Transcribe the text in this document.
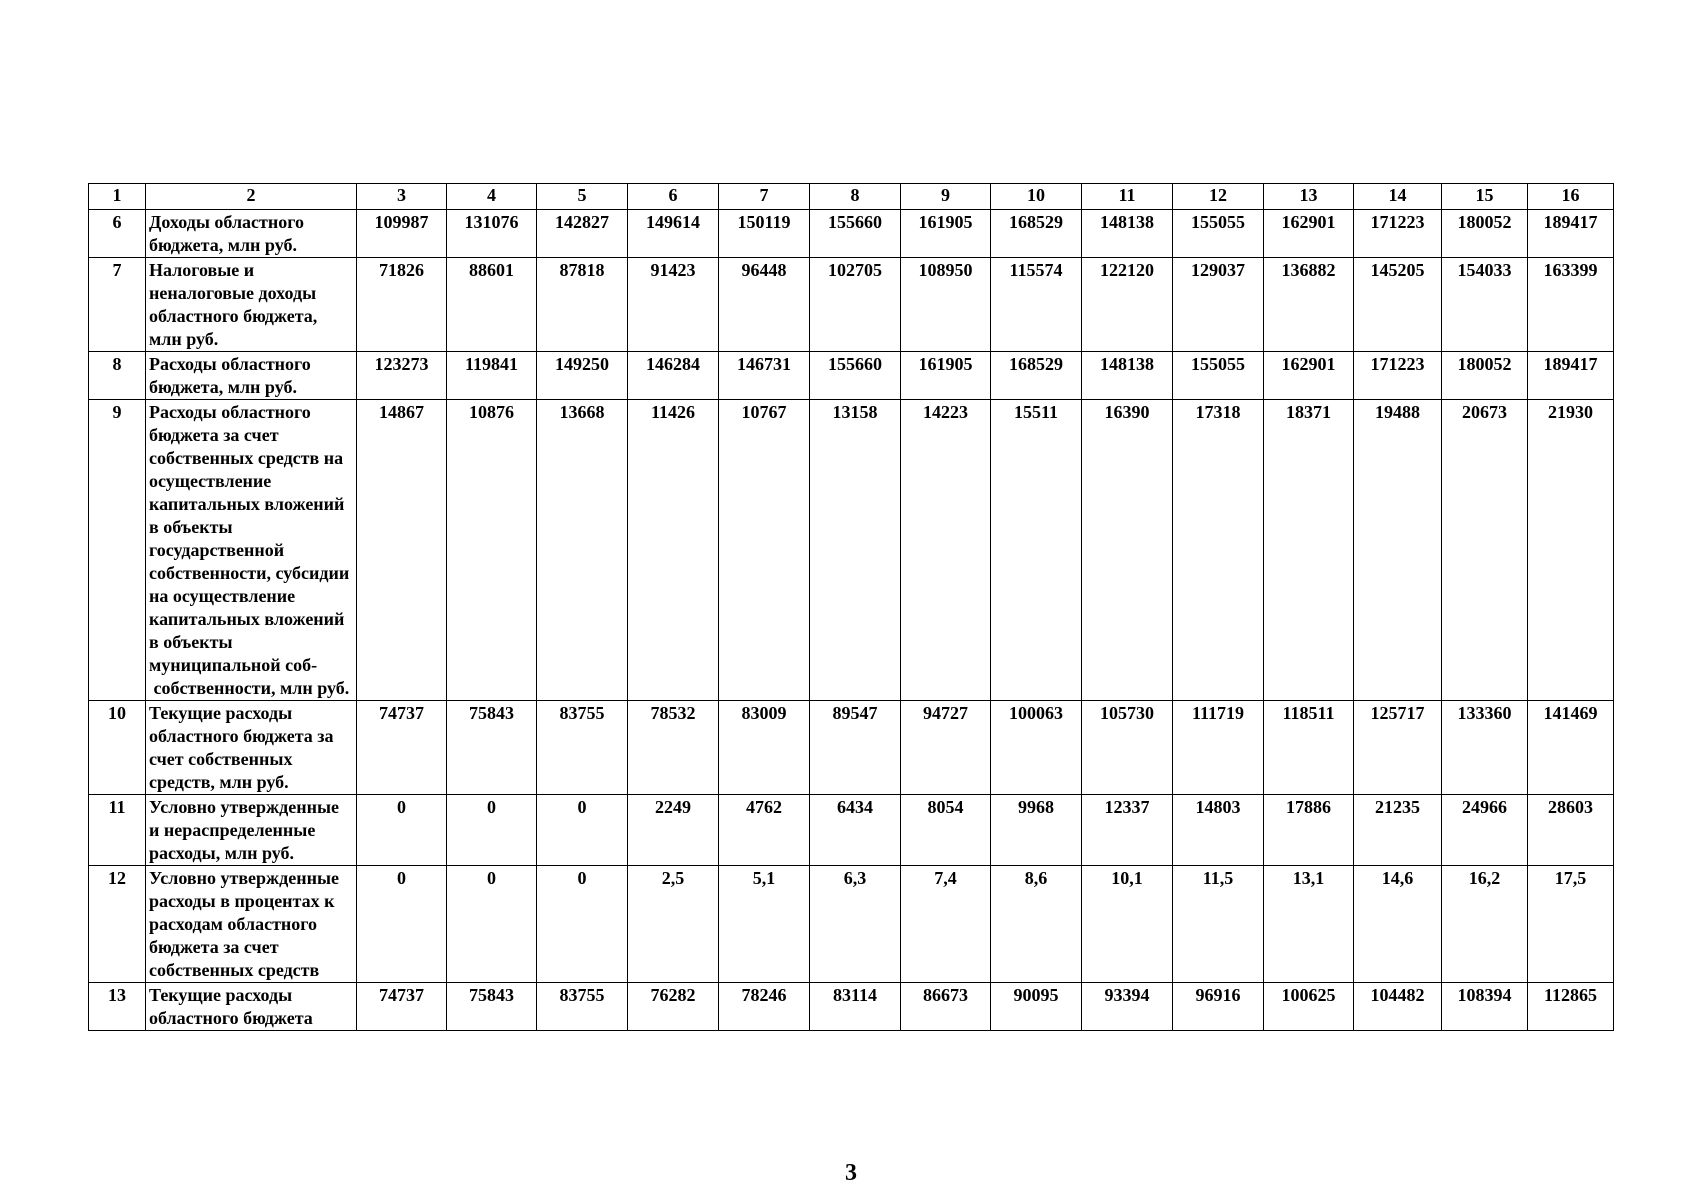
1	2	3	4	5	6	7	8	9	10	11	12	13	14	15	16
6	Доходы областного бюджета, млн руб.	109987	131076	142827	149614	150119	155660	161905	168529	148138	155055	162901	171223	180052	189417
7	Налоговые и неналоговые доходы областного бюджета, млн руб.	71826	88601	87818	91423	96448	102705	108950	115574	122120	129037	136882	145205	154033	163399
8	Расходы областного бюджета, млн руб.	123273	119841	149250	146284	146731	155660	161905	168529	148138	155055	162901	171223	180052	189417
9	Расходы областного бюджета за счет собственных средств на осуществление капитальных вложений в объекты государственной собственности, субсидии на осуществление капитальных вложений в объекты муниципальной соб- собственности, млн руб.	14867	10876	13668	11426	10767	13158	14223	15511	16390	17318	18371	19488	20673	21930
10	Текущие расходы областного бюджета за счет собственных средств, млн руб.	74737	75843	83755	78532	83009	89547	94727	100063	105730	111719	118511	125717	133360	141469
11	Условно утвержденные и нераспределенные расходы, млн руб.	0	0	0	2249	4762	6434	8054	9968	12337	14803	17886	21235	24966	28603
12	Условно утвержденные расходы в процентах к расходам областного бюджета за счет собственных средств	0	0	0	2,5	5,1	6,3	7,4	8,6	10,1	11,5	13,1	14,6	16,2	17,5
13	Текущие расходы областного бюджета	74737	75843	83755	76282	78246	83114	86673	90095	93394	96916	100625	104482	108394	112865
3
